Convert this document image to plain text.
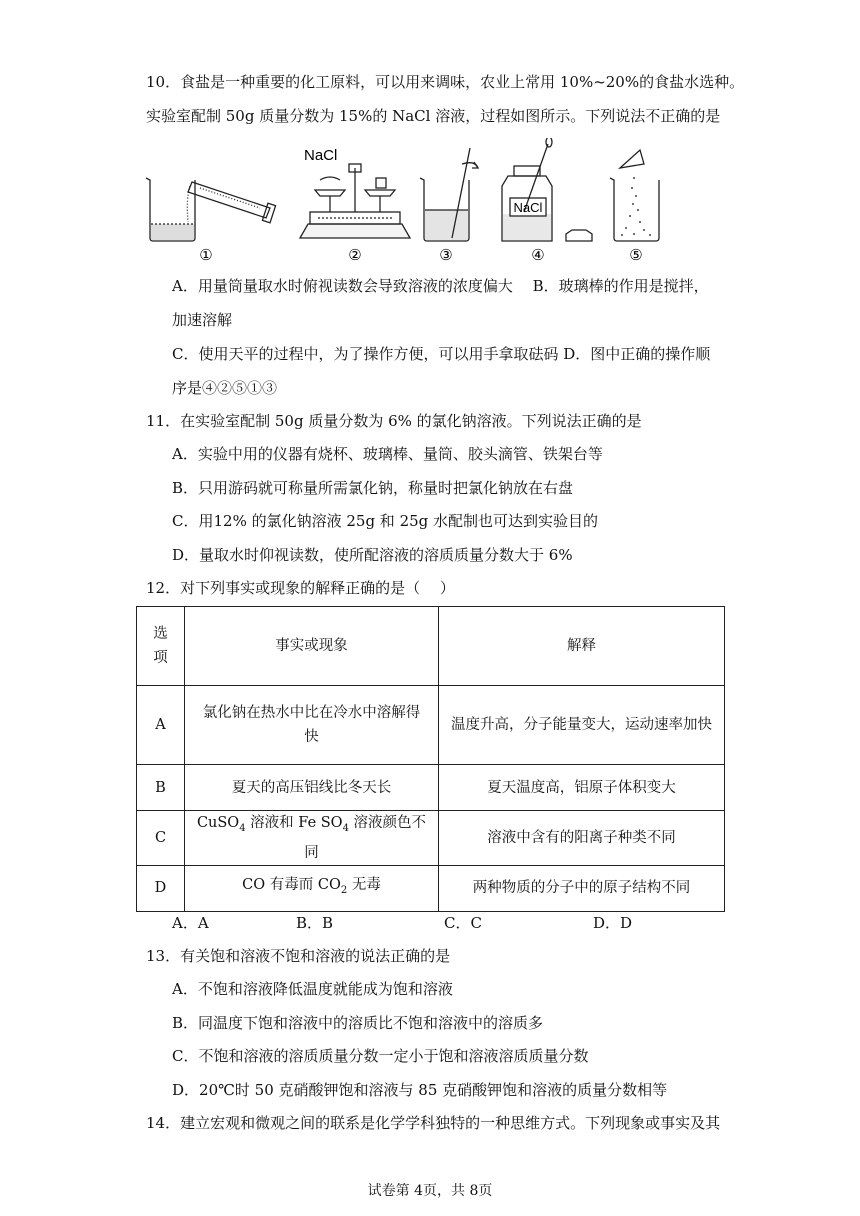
10．食盐是一种重要的化工原料，可以用来调味，农业上常用 10%~20%的食盐水选种。
实验室配制 50g 质量分数为 15%的 NaCl 溶液，过程如图所示。下列说法不正确的是
①
NaCl
②	③
NaCl
④	⑤
A．用量筒量取水时俯视读数会导致溶液的浓度偏大　 B．玻璃棒的作用是搅拌，
加速溶解
C．使用天平的过程中，为了操作方便，可以用手拿取砝码 D．图中正确的操作顺
序是④②⑤①③
11．在实验室配制 50g 质量分数为 6% 的氯化钠溶液。下列说法正确的是
A．实验中用的仪器有烧杯、玻璃棒、量筒、胶头滴管、铁架台等
B．只用游码就可称量所需氯化钠，称量时把氯化钠放在右盘
C．用12% 的氯化钠溶液 25g 和 25g 水配制也可达到实验目的
D．量取水时仰视读数，使所配溶液的溶质质量分数大于 6%
12．对下列事实或现象的解释正确的是（　 ）
选
项	事实或现象	解释
A	氯化钠在热水中比在冷水中溶解得
快	温度升高，分子能量变大，运动速率加快
B	夏天的高压铝线比冬天长	夏天温度高，铝原子体积变大
C	CuSO$_4$ 溶液和 Fe $SO_4$ 溶液颜色不同	溶液中含有的阳离子种类不同
D	CO 有毒而 $CO_2$ 无毒	两种物质的分子中的原子结构不同
A．A	B．B	C．C	D．D
13．有关饱和溶液不饱和溶液的说法正确的是
A．不饱和溶液降低温度就能成为饱和溶液
B．同温度下饱和溶液中的溶质比不饱和溶液中的溶质多
C．不饱和溶液的溶质质量分数一定小于饱和溶液溶质质量分数
D．20℃时 50 克硝酸钾饱和溶液与 85 克硝酸钾饱和溶液的质量分数相等
14．建立宏观和微观之间的联系是化学学科独特的一种思维方式。下列现象或事实及其
试卷第 4页，共 8页
